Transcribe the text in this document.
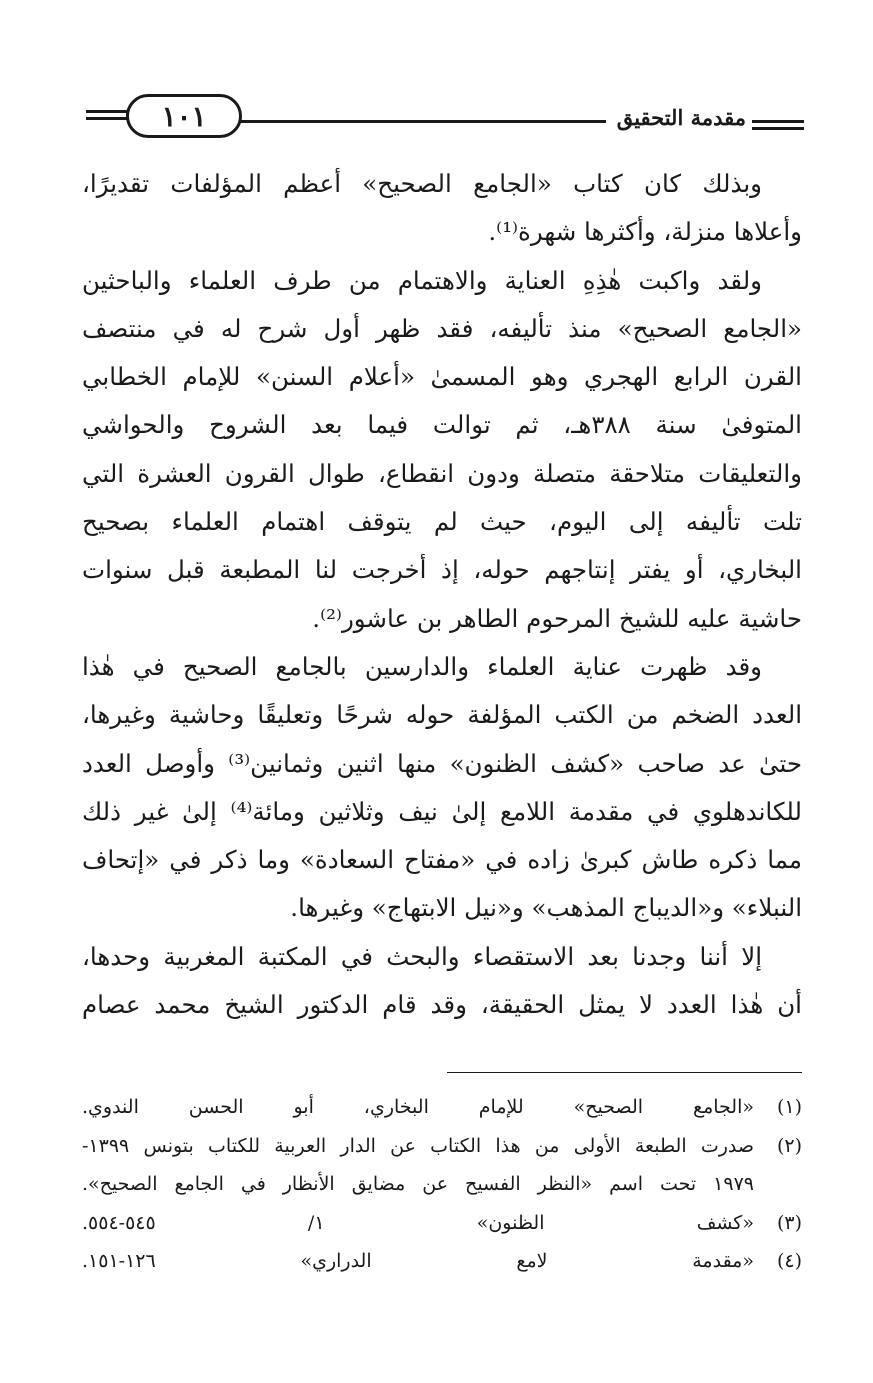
١٠١	مقدمة التحقيق

وبذلك كان كتاب «الجامع الصحيح» أعظم المؤلفات تقديرًا،
وأعلاها منزلة، وأكثرها شهرة⁽¹⁾.

ولقد واكبت هٰذِهِ العناية والاهتمام من طرف العلماء والباحثين
«الجامع الصحيح» منذ تأليفه، فقد ظهر أول شرح له في منتصف
القرن الرابع الهجري وهو المسمىٰ «أعلام السنن» للإمام الخطابي
المتوفىٰ سنة ٣٨٨هـ، ثم توالت فيما بعد الشروح والحواشي
والتعليقات متلاحقة متصلة ودون انقطاع، طوال القرون العشرة التي
تلت تأليفه إلى اليوم، حيث لم يتوقف اهتمام العلماء بصحيح
البخاري، أو يفتر إنتاجهم حوله، إذ أخرجت لنا المطبعة قبل سنوات
حاشية عليه للشيخ المرحوم الطاهر بن عاشور⁽²⁾.

وقد ظهرت عناية العلماء والدارسين بالجامع الصحيح في هٰذا
العدد الضخم من الكتب المؤلفة حوله شرحًا وتعليقًا وحاشية وغيرها،
حتىٰ عد صاحب «كشف الظنون» منها اثنين وثمانين⁽³⁾ وأوصل العدد
للكاندهلوي في مقدمة اللامع إلىٰ نيف وثلاثين ومائة⁽⁴⁾ إلىٰ غير ذلك
مما ذكره طاش كبرىٰ زاده في «مفتاح السعادة» وما ذكر في «إتحاف
النبلاء» و«الديباج المذهب» و«نيل الابتهاج» وغيرها.

إلا أننا وجدنا بعد الاستقصاء والبحث في المكتبة المغربية وحدها،
أن هٰذا العدد لا يمثل الحقيقة، وقد قام الدكتور الشيخ محمد عصام

(١)
«الجامع الصحيح» للإمام البخاري، أبو الحسن الندوي.
(٢)
صدرت الطبعة الأولى من هذا الكتاب عن الدار العربية للكتاب بتونس ١٣٩٩-
١٩٧٩ تحت اسم «النظر الفسيح عن مضايق الأنظار في الجامع الصحيح».
(٣)
«كشف الظنون» ١/ ٥٤٥-٥٥٤.
(٤)
«مقدمة لامع الدراري» ١٢٦-١٥١.
